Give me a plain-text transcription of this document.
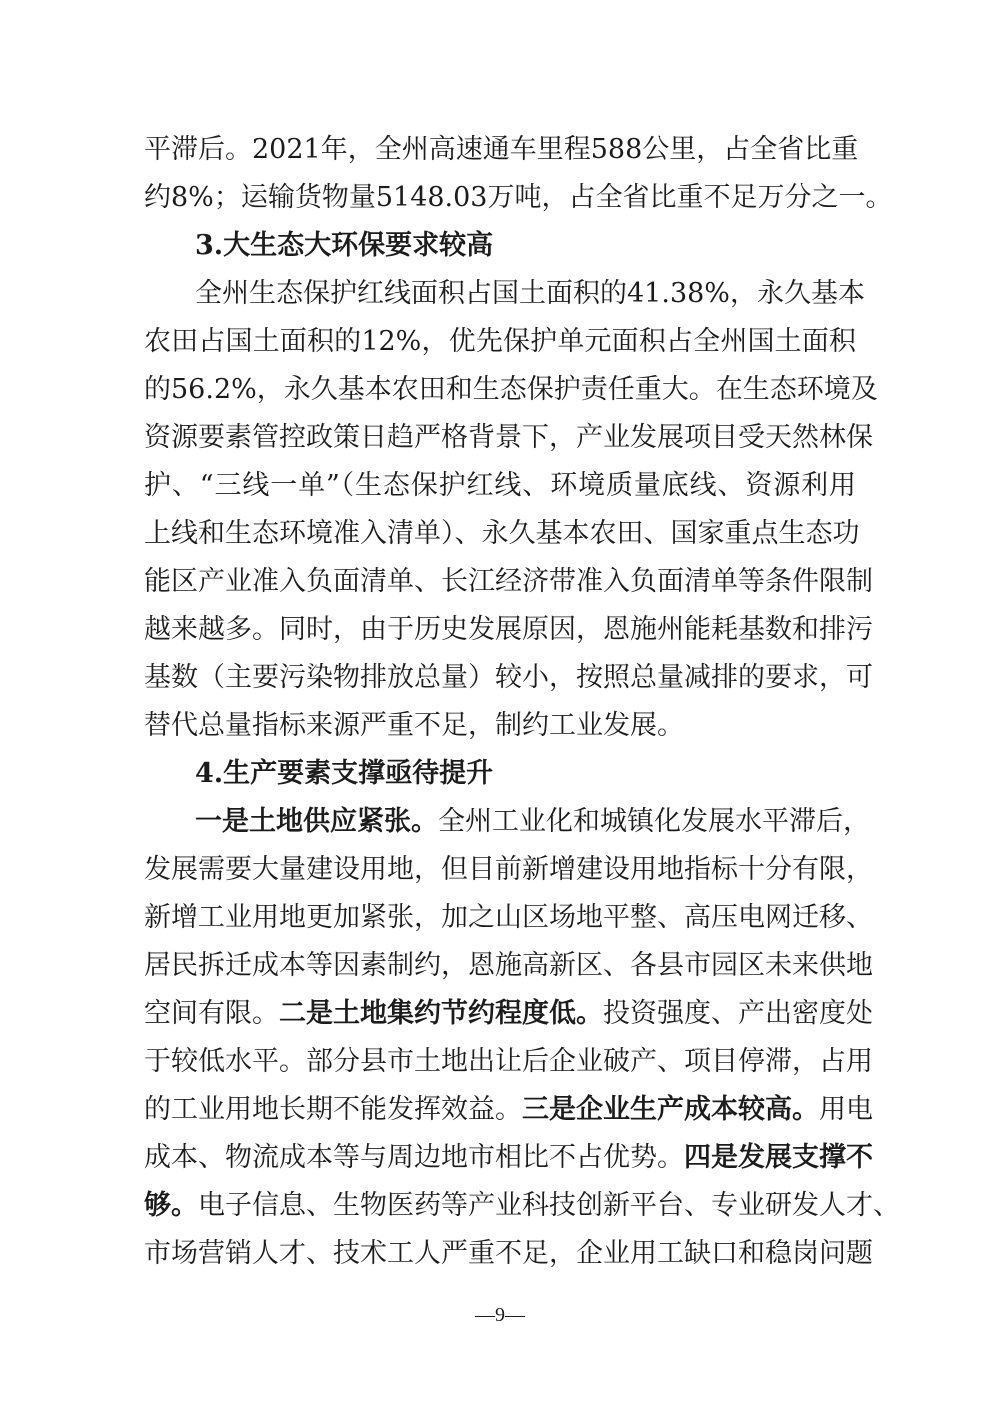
平滞后。2021年，全州高速通车里程588公里，占全省比重
约8%；运输货物量5148.03万吨，占全省比重不足万分之一。
3.大生态大环保要求较高
全州生态保护红线面积占国土面积的41.38%，永久基本
农田占国土面积的12%，优先保护单元面积占全州国土面积
的56.2%，永久基本农田和生态保护责任重大。在生态环境及
资源要素管控政策日趋严格背景下，产业发展项目受天然林保
护、“三线一单”（生态保护红线、环境质量底线、资源利用
上线和生态环境准入清单）、永久基本农田、国家重点生态功
能区产业准入负面清单、长江经济带准入负面清单等条件限制
越来越多。同时，由于历史发展原因，恩施州能耗基数和排污
基数（主要污染物排放总量）较小，按照总量减排的要求，可
替代总量指标来源严重不足，制约工业发展。
4.生产要素支撑亟待提升
一是土地供应紧张。全州工业化和城镇化发展水平滞后，
发展需要大量建设用地，但目前新增建设用地指标十分有限，
新增工业用地更加紧张，加之山区场地平整、高压电网迁移、
居民拆迁成本等因素制约，恩施高新区、各县市园区未来供地
空间有限。二是土地集约节约程度低。投资强度、产出密度处
于较低水平。部分县市土地出让后企业破产、项目停滞，占用
的工业用地长期不能发挥效益。三是企业生产成本较高。用电
成本、物流成本等与周边地市相比不占优势。四是发展支撑不
够。电子信息、生物医药等产业科技创新平台、专业研发人才、
市场营销人才、技术工人严重不足，企业用工缺口和稳岗问题
—9—
